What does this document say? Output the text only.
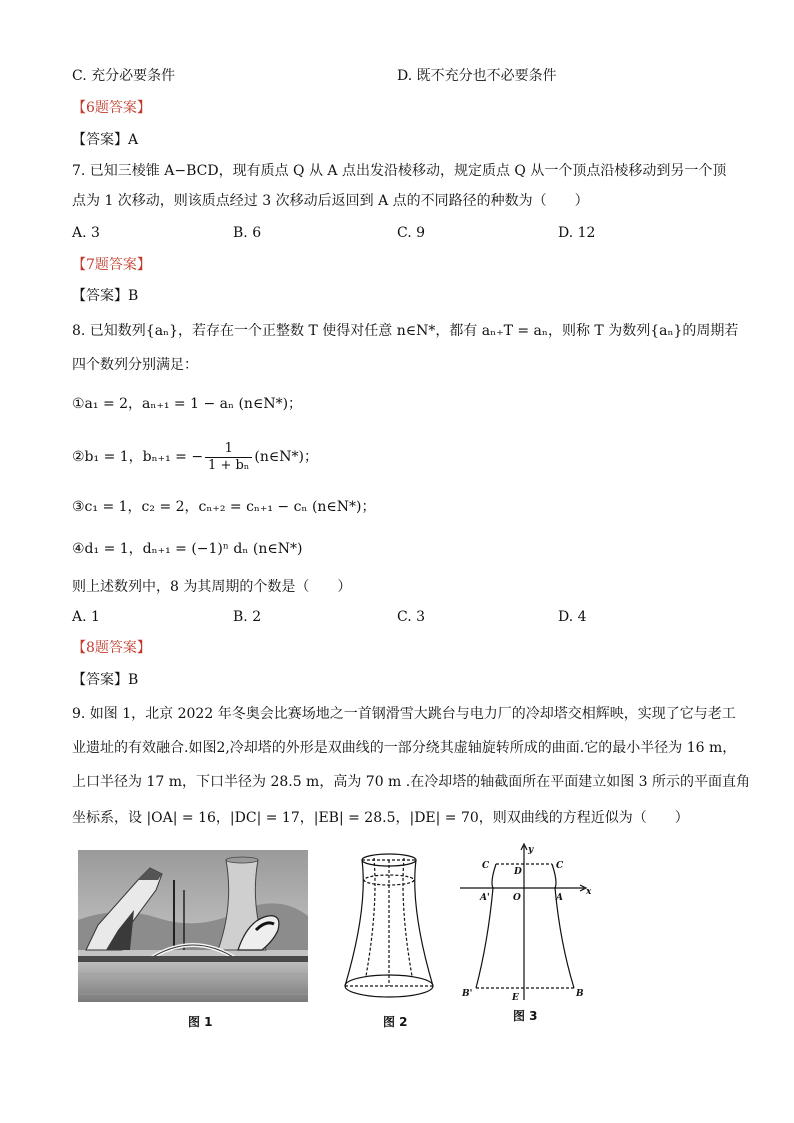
C. 充分必要条件	D. 既不充分也不必要条件
【6题答案】
【答案】A
7. 已知三棱锥 A−BCD，现有质点 Q 从 A 点出发沿棱移动，规定质点 Q 从一个顶点沿棱移动到另一个顶
点为 1 次移动，则该质点经过 3 次移动后返回到 A 点的不同路径的种数为（　　）
A. 3	B. 6	C. 9	D. 12
【7题答案】
【答案】B
8. 已知数列{aₙ}，若存在一个正整数 T 使得对任意 n∈N*，都有 aₙ₊T = aₙ，则称 T 为数列{aₙ}的周期若
四个数列分别满足：
①a₁ = 2，aₙ₊₁ = 1 − aₙ (n∈N*)；
②b₁ = 1，bₙ₊₁ = − $\frac{1}{\text{1 + bₙ}}$ (n∈N*)；
③c₁ = 1，c₂ = 2，cₙ₊₂ = cₙ₊₁ − cₙ (n∈N*)；
④d₁ = 1，dₙ₊₁ = (−1)ⁿ dₙ (n∈N*)
则上述数列中，8 为其周期的个数是（　　）
A. 1	B. 2	C. 3	D. 4
【8题答案】
【答案】B
9. 如图 1，北京 2022 年冬奥会比赛场地之一首钢滑雪大跳台与电力厂的冷却塔交相辉映，实现了它与老工
业遗址的有效融合.如图2,冷却塔的外形是双曲线的一部分绕其虚轴旋转所成的曲面.它的最小半径为 16 m，
上口半径为 17 m，下口半径为 28.5 m，高为 70 m .在冷却塔的轴截面所在平面建立如图 3 所示的平面直角
坐标系，设 |OA| = 16，|DC| = 17，|EB| = 28.5，|DE| = 70，则双曲线的方程近似为（　　）
图 1	图 2
y
x
C	C
D
A'	O	A
B'	E	B
图 3
